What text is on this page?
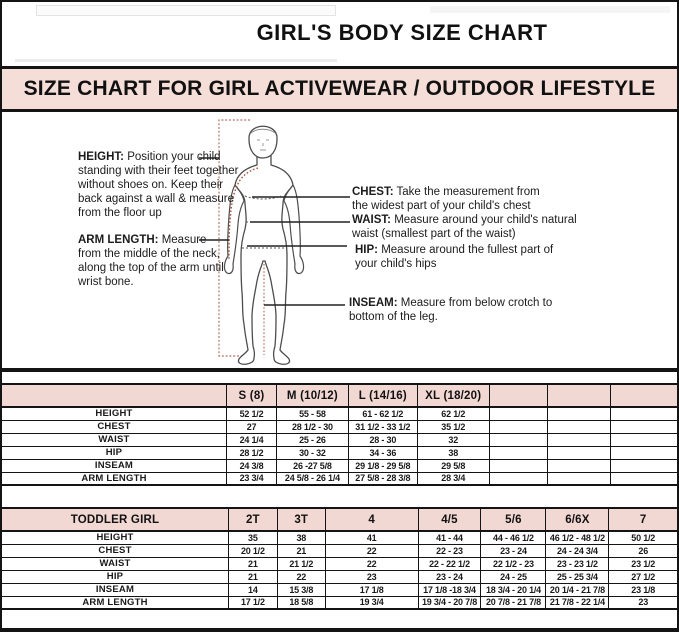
GIRL'S BODY SIZE CHART
SIZE CHART FOR GIRL ACTIVEWEAR / OUTDOOR LIFESTYLE

HEIGHT: Position your child standing with their feet together without shoes on. Keep their back against a wall & measure from the floor up

ARM LENGTH: Measure from the middle of the neck, along the top of the arm until wrist bone.

CHEST: Take the measurement from the widest part of your child's chest

WAIST: Measure around your child's natural waist (smallest part of the waist)

HIP: Measure around the fullest part of your child's hips

INSEAM: Measure from below crotch to bottom of the leg.

	S (8)	M (10/12)	L (14/16)	XL (18/20)			
HEIGHT	52 1/2	55 - 58	61 - 62 1/2	62 1/2			
CHEST	27	28 1/2 - 30	31 1/2 - 33 1/2	35 1/2			
WAIST	24 1/4	25 - 26	28 - 30	32			
HIP	28 1/2	30 - 32	34 - 36	38			
INSEAM	24 3/8	26 -27 5/8	29 1/8 - 29 5/8	29 5/8			
ARM LENGTH	23 3/4	24 5/8 - 26 1/4	27 5/8 - 28 3/8	28 3/4			
TODDLER GIRL	2T	3T	4	4/5	5/6	6/6X	7
HEIGHT	35	38	41	41 - 44	44 - 46 1/2	46 1/2 - 48 1/2	50 1/2
CHEST	20 1/2	21	22	22 - 23	23 - 24	24 - 24 3/4	26
WAIST	21	21 1/2	22	22 - 22 1/2	22 1/2 - 23	23 - 23 1/2	23 1/2
HIP	21	22	23	23 - 24	24 - 25	25 - 25 3/4	27 1/2
INSEAM	14	15 3/8	17 1/8	17 1/8 -18 3/4	18 3/4 - 20 1/4	20 1/4 - 21 7/8	23 1/8
ARM LENGTH	17 1/2	18 5/8	19 3/4	19 3/4 - 20 7/8	20 7/8 - 21 7/8	21 7/8 - 22 1/4	23
